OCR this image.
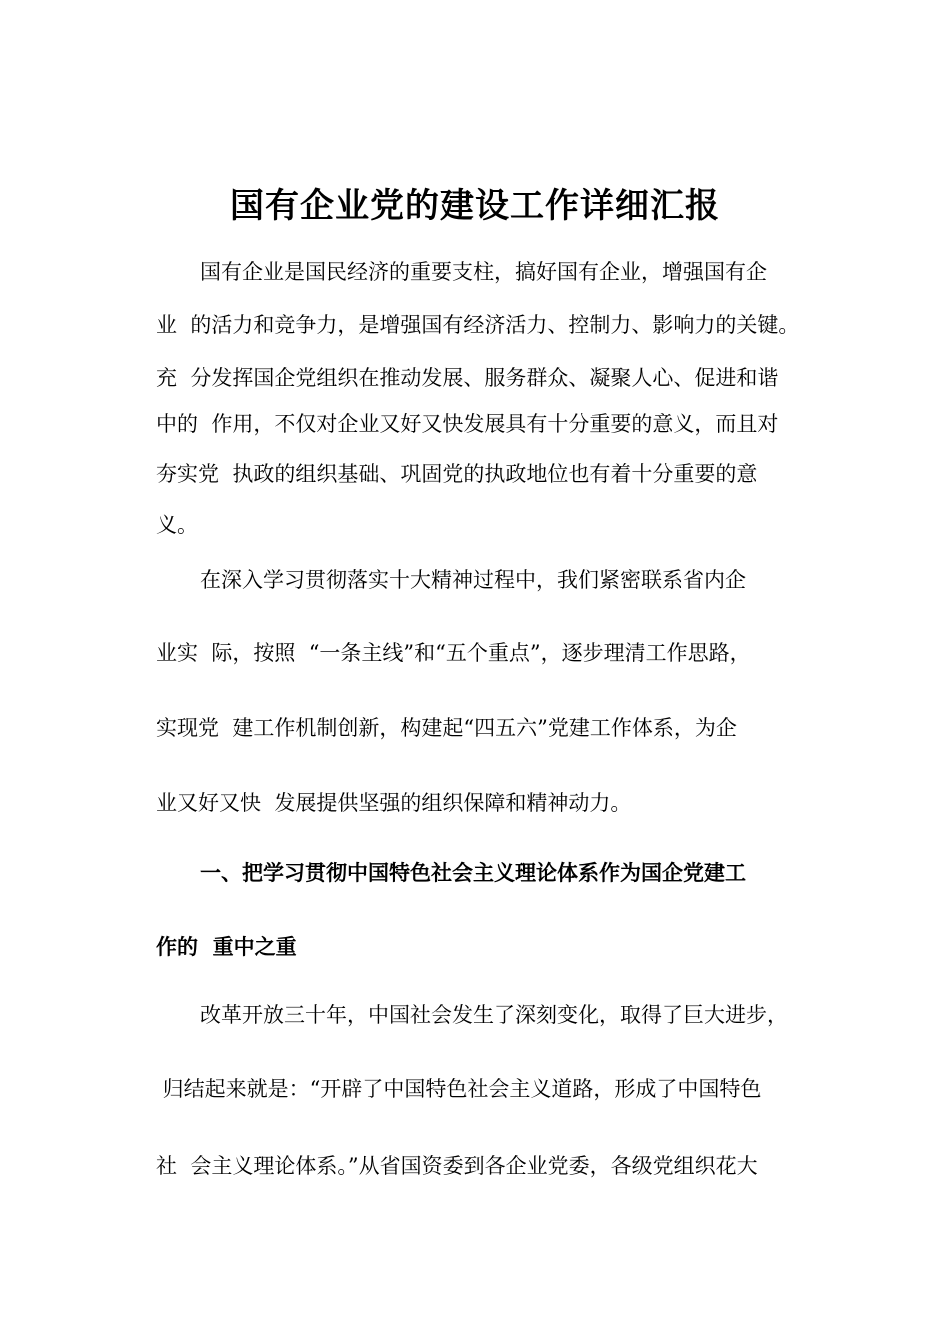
国有企业党的建设工作详细汇报
国有企业是国民经济的重要支柱，搞好国有企业，增强国有企
业  的活力和竞争力，是增强国有经济活力、控制力、影响力的关键。
充  分发挥国企党组织在推动发展、服务群众、凝聚人心、促进和谐
中的  作用，不仅对企业又好又快发展具有十分重要的意义，而且对
夯实党  执政的组织基础、巩固党的执政地位也有着十分重要的意
义。
在深入学习贯彻落实十大精神过程中，我们紧密联系省内企
业实  际，按照  “一条主线”和“五个重点”，逐步理清工作思路，
实现党  建工作机制创新，构建起“四五六”党建工作体系，为企
业又好又快  发展提供坚强的组织保障和精神动力。
一、把学习贯彻中国特色社会主义理论体系作为国企党建工
作的  重中之重
改革开放三十年，中国社会发生了深刻变化，取得了巨大进步，
归结起来就是：“开辟了中国特色社会主义道路，形成了中国特色
社  会主义理论体系。”从省国资委到各企业党委，各级党组织花大
